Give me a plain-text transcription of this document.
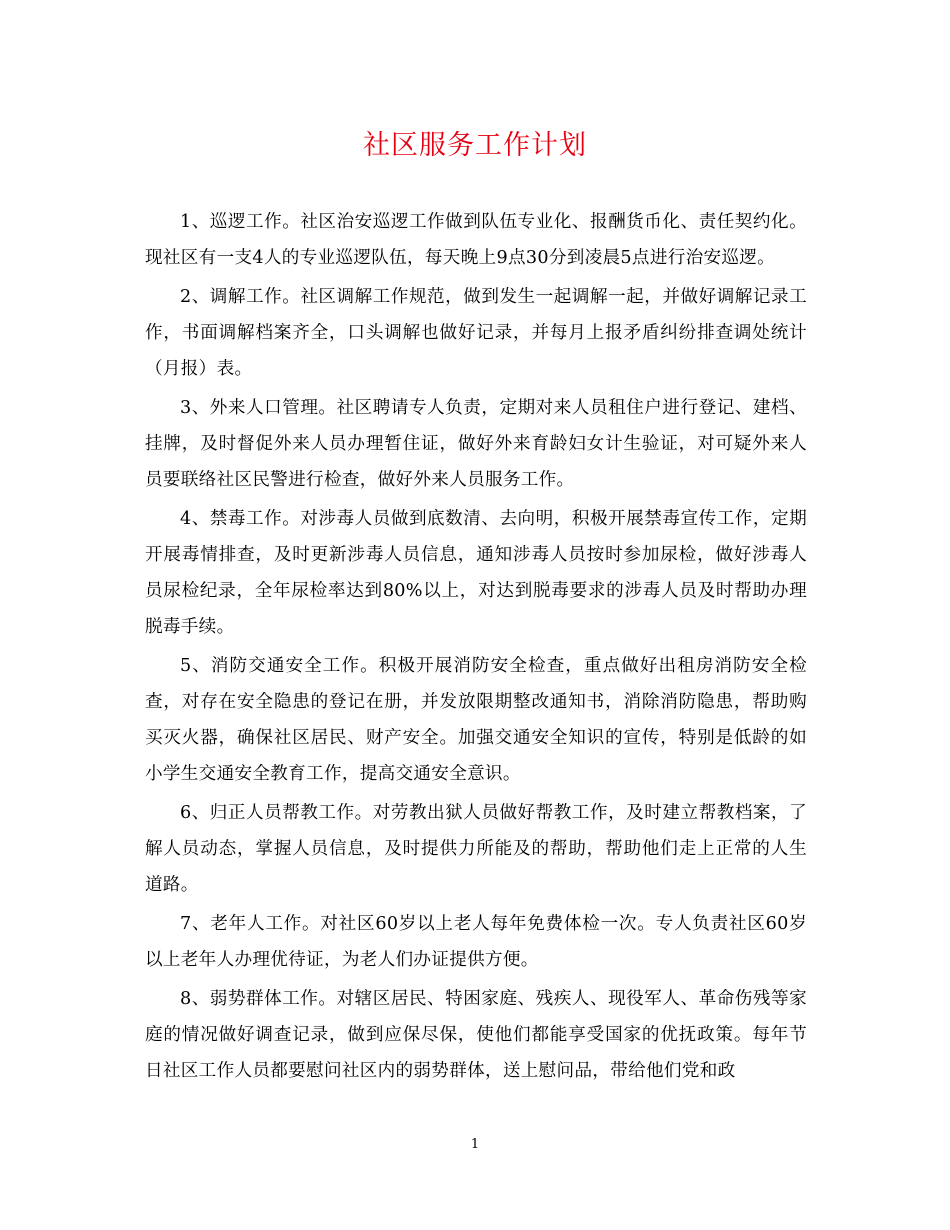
社区服务工作计划

1、巡逻工作。社区治安巡逻工作做到队伍专业化、报酬货币化、责任契约化。现社区有一支4人的专业巡逻队伍，每天晚上9点30分到凌晨5点进行治安巡逻。

2、调解工作。社区调解工作规范，做到发生一起调解一起，并做好调解记录工作，书面调解档案齐全，口头调解也做好记录，并每月上报矛盾纠纷排查调处统计（月报）表。

3、外来人口管理。社区聘请专人负责，定期对来人员租住户进行登记、建档、挂牌，及时督促外来人员办理暂住证，做好外来育龄妇女计生验证，对可疑外来人员要联络社区民警进行检查，做好外来人员服务工作。

4、禁毒工作。对涉毒人员做到底数清、去向明，积极开展禁毒宣传工作，定期开展毒情排查，及时更新涉毒人员信息，通知涉毒人员按时参加尿检，做好涉毒人员尿检纪录，全年尿检率达到80%以上，对达到脱毒要求的涉毒人员及时帮助办理脱毒手续。

5、消防交通安全工作。积极开展消防安全检查，重点做好出租房消防安全检查，对存在安全隐患的登记在册，并发放限期整改通知书，消除消防隐患，帮助购买灭火器，确保社区居民、财产安全。加强交通安全知识的宣传，特别是低龄的如小学生交通安全教育工作，提高交通安全意识。

6、归正人员帮教工作。对劳教出狱人员做好帮教工作，及时建立帮教档案，了解人员动态，掌握人员信息，及时提供力所能及的帮助，帮助他们走上正常的人生道路。

7、老年人工作。对社区60岁以上老人每年免费体检一次。专人负责社区60岁以上老年人办理优待证，为老人们办证提供方便。

8、弱势群体工作。对辖区居民、特困家庭、残疾人、现役军人、革命伤残等家庭的情况做好调查记录，做到应保尽保，使他们都能享受国家的优抚政策。每年节日社区工作人员都要慰问社区内的弱势群体，送上慰问品，带给他们党和政

1
